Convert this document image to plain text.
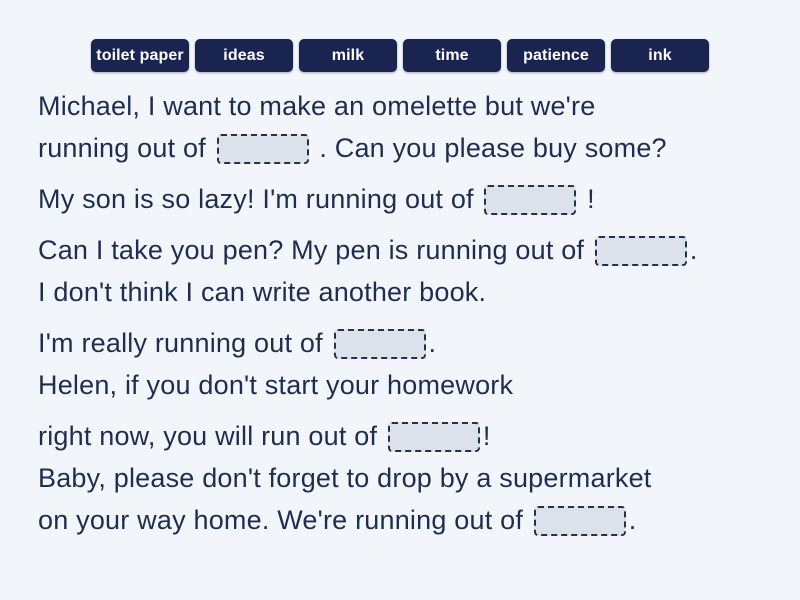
toilet paper	ideas	milk	time	patience	ink
Michael, I want to make an omelette but we're
running out of	. Can you please buy some?
My son is so lazy! I'm running out of	!
Can I take you pen? My pen is running out of	.
I don't think I can write another book.
I'm really running out of	.
Helen, if you don't start your homework
right now, you will run out of	!
Baby, please don't forget to drop by a supermarket
on your way home. We're running out of	.
